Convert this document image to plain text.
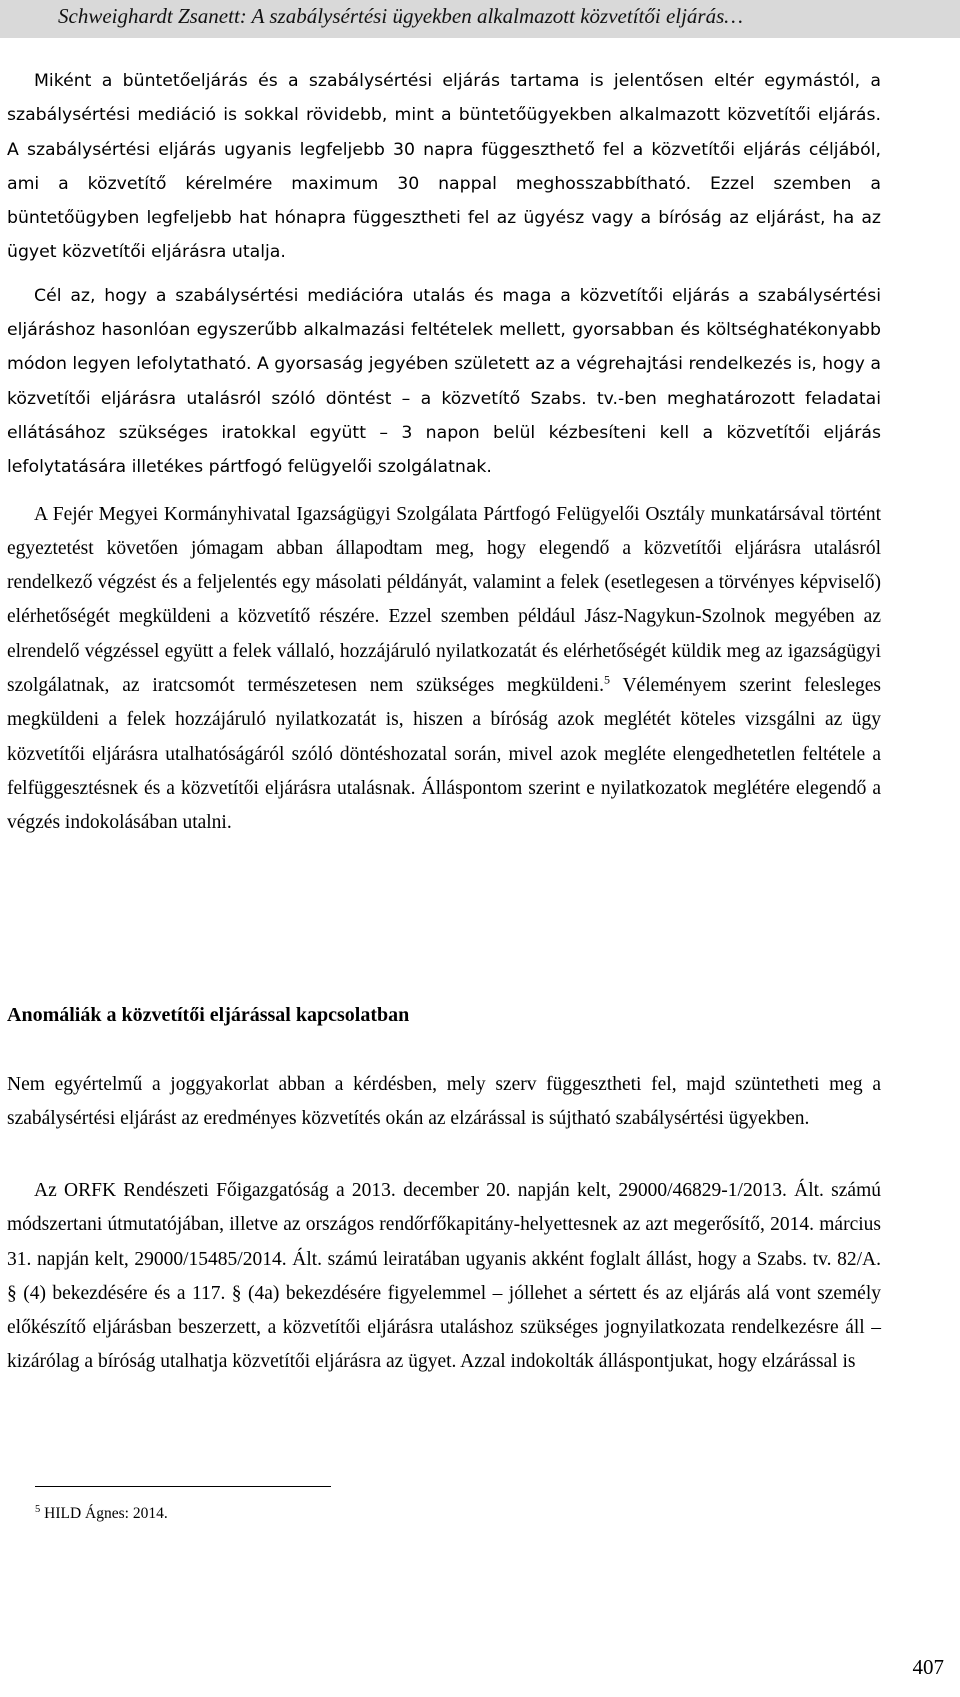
Schweighardt Zsanett: A szabálysértési ügyekben alkalmazott közvetítői eljárás…

Miként a büntetőeljárás és a szabálysértési eljárás tartama is jelentősen eltér egymástól, a szabálysértési mediáció is sokkal rövidebb, mint a büntetőügyekben alkalmazott közvetítői eljárás. A szabálysértési eljárás ugyanis legfeljebb 30 napra függeszthető fel a közvetítői eljárás céljából, ami a közvetítő kérelmére maximum 30 nappal meghosszabbítható. Ezzel szemben a büntetőügyben legfeljebb hat hónapra függesztheti fel az ügyész vagy a bíróság az eljárást, ha az ügyet közvetítői eljárásra utalja.

Cél az, hogy a szabálysértési mediációra utalás és maga a közvetítői eljárás a szabálysértési eljáráshoz hasonlóan egyszerűbb alkalmazási feltételek mellett, gyorsabban és költséghatékonyabb módon legyen lefolytatható. A gyorsaság jegyében született az a végrehajtási rendelkezés is, hogy a közvetítői eljárásra utalásról szóló döntést – a közvetítő Szabs. tv.-ben meghatározott feladatai ellátásához szükséges iratokkal együtt – 3 napon belül kézbesíteni kell a közvetítői eljárás lefolytatására illetékes pártfogó felügyelői szolgálatnak.

A Fejér Megyei Kormányhivatal Igazságügyi Szolgálata Pártfogó Felügyelői Osztály munkatársával történt egyeztetést követően jómagam abban állapodtam meg, hogy elegendő a közvetítői eljárásra utalásról rendelkező végzést és a feljelentés egy másolati példányát, valamint a felek (esetlegesen a törvényes képviselő) elérhetőségét megküldeni a közvetítő részére. Ezzel szemben például Jász-Nagykun-Szolnok megyében az elrendelő végzéssel együtt a felek vállaló, hozzájáruló nyilatkozatát és elérhetőségét küldik meg az igazságügyi szolgálatnak, az iratcsomót természetesen nem szükséges megküldeni.$^5$ Véleményem szerint felesleges megküldeni a felek hozzájáruló nyilatkozatát is, hiszen a bíróság azok meglétét köteles vizsgálni az ügy közvetítői eljárásra utalhatóságáról szóló döntéshozatal során, mivel azok megléte elengedhetetlen feltétele a felfüggesztésnek és a közvetítői eljárásra utalásnak. Álláspontom szerint e nyilatkozatok meglétére elegendő a végzés indokolásában utalni.

Anomáliák a közvetítői eljárással kapcsolatban

Nem egyértelmű a joggyakorlat abban a kérdésben, mely szerv függesztheti fel, majd szüntetheti meg a szabálysértési eljárást az eredményes közvetítés okán az elzárással is sújtható szabálysértési ügyekben.

Az ORFK Rendészeti Főigazgatóság a 2013. december 20. napján kelt, 29000/46829-1/2013. Ált. számú módszertani útmutatójában, illetve az országos rendőrfőkapitány-helyettesnek az azt megerősítő, 2014. március 31. napján kelt, 29000/15485/2014. Ált. számú leiratában ugyanis akként foglalt állást, hogy a Szabs. tv. 82/A. § (4) bekezdésére és a 117. § (4a) bekezdésére figyelemmel – jóllehet a sértett és az eljárás alá vont személy előkészítő eljárásban beszerzett, a közvetítői eljárásra utaláshoz szükséges jognyilatkozata rendelkezésre áll – kizárólag a bíróság utalhatja közvetítői eljárásra az ügyet. Azzal indokolták álláspontjukat, hogy elzárással is

$^5$ HILD Ágnes: 2014.
407
